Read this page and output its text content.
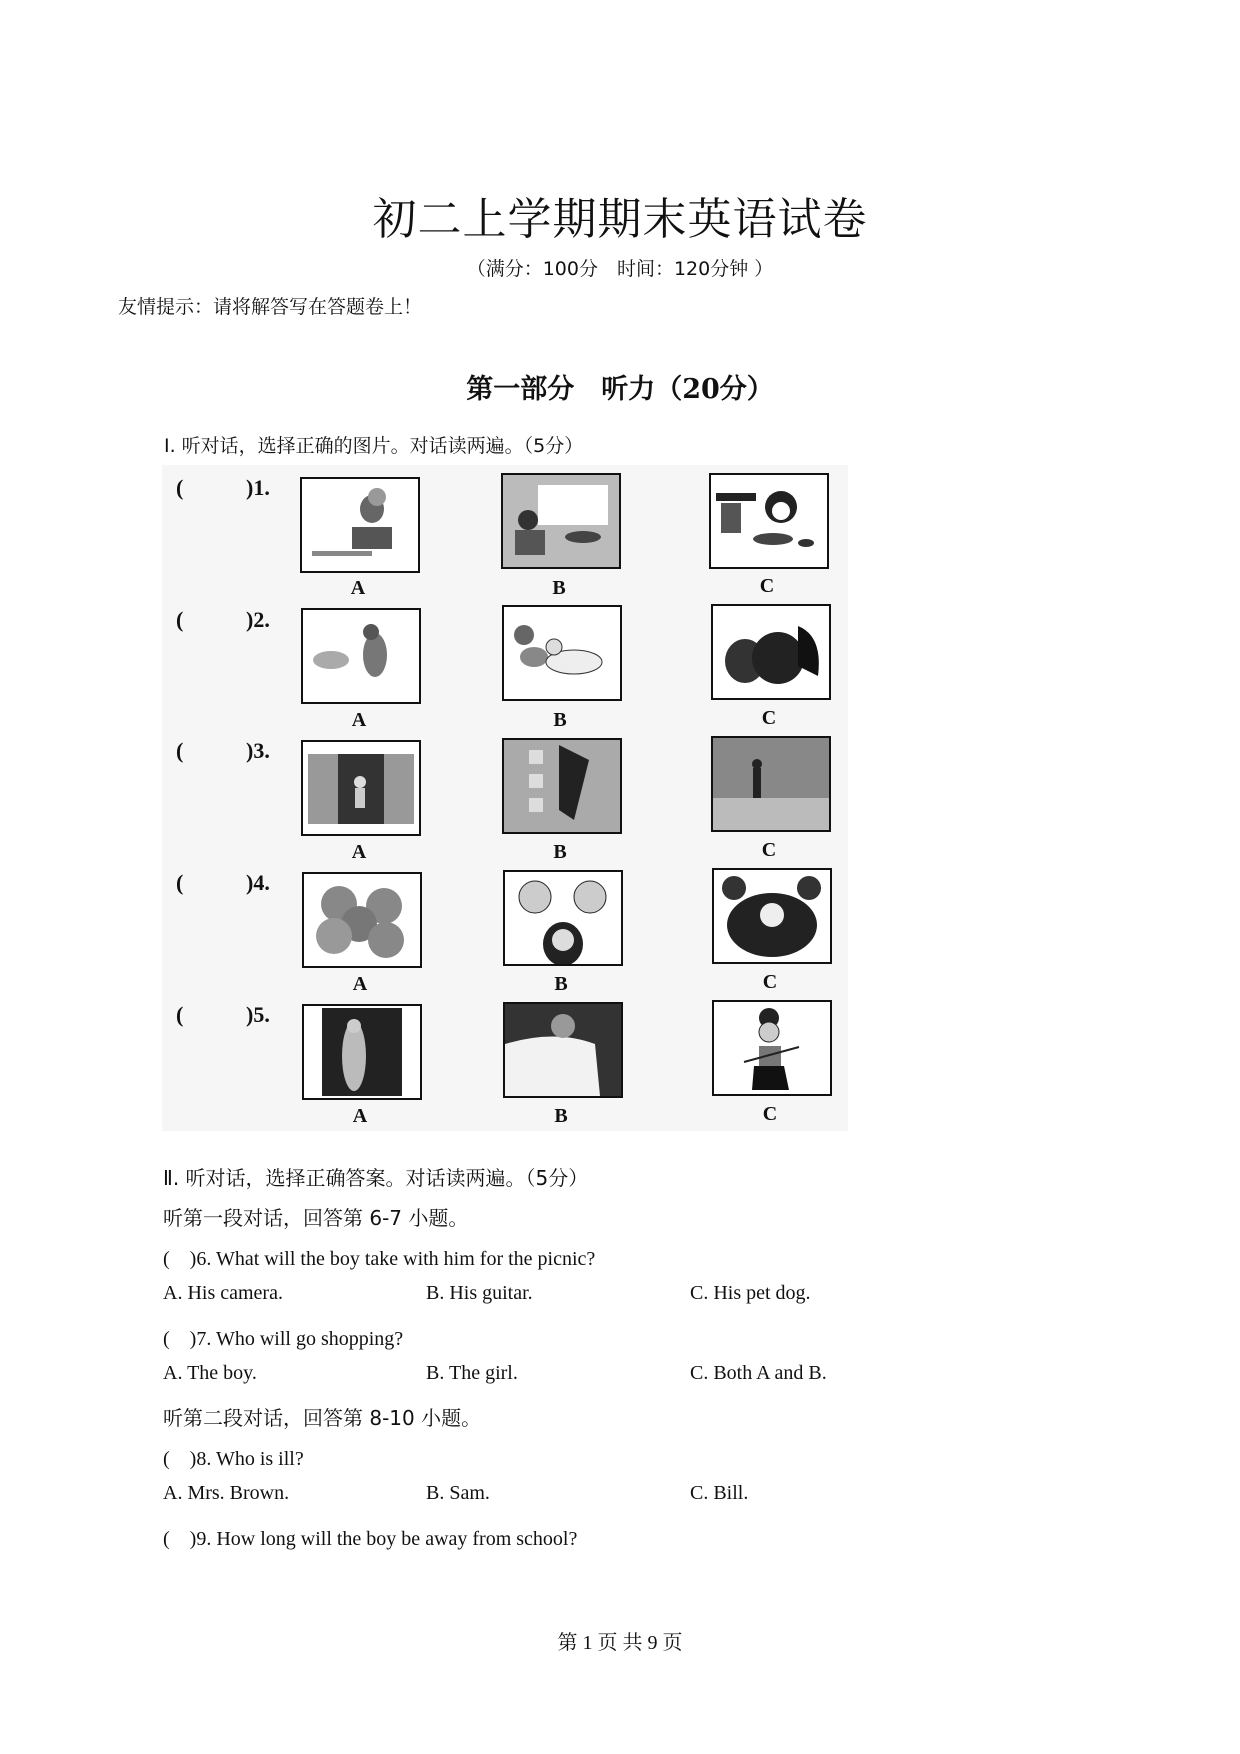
初二上学期期末英语试卷
（满分：100分　时间：120分钟 ）
友情提示：请将解答写在答题卷上！
第一部分　听力（20分）
Ⅰ. 听对话，选择正确的图片。对话读两遍。（5分）
(	)1.
A	B	C
(	)2.
A	B	C
(	)3.
A	B	C
(	)4.
A	B	C
(	)5.
A	B	C
Ⅱ. 听对话，选择正确答案。对话读两遍。（5分）
听第一段对话，回答第 6-7 小题。
(　)6. What will the boy take with him for the picnic?
A. His camera.	B. His guitar.	C. His pet dog.
(　)7. Who will go shopping?
A. The boy.	B. The girl.	C. Both A and B.
听第二段对话，回答第 8-10 小题。
(　)8. Who is ill?
A. Mrs. Brown.	B. Sam.	C. Bill.
(　)9. How long will the boy be away from school?
第 1 页 共 9 页
